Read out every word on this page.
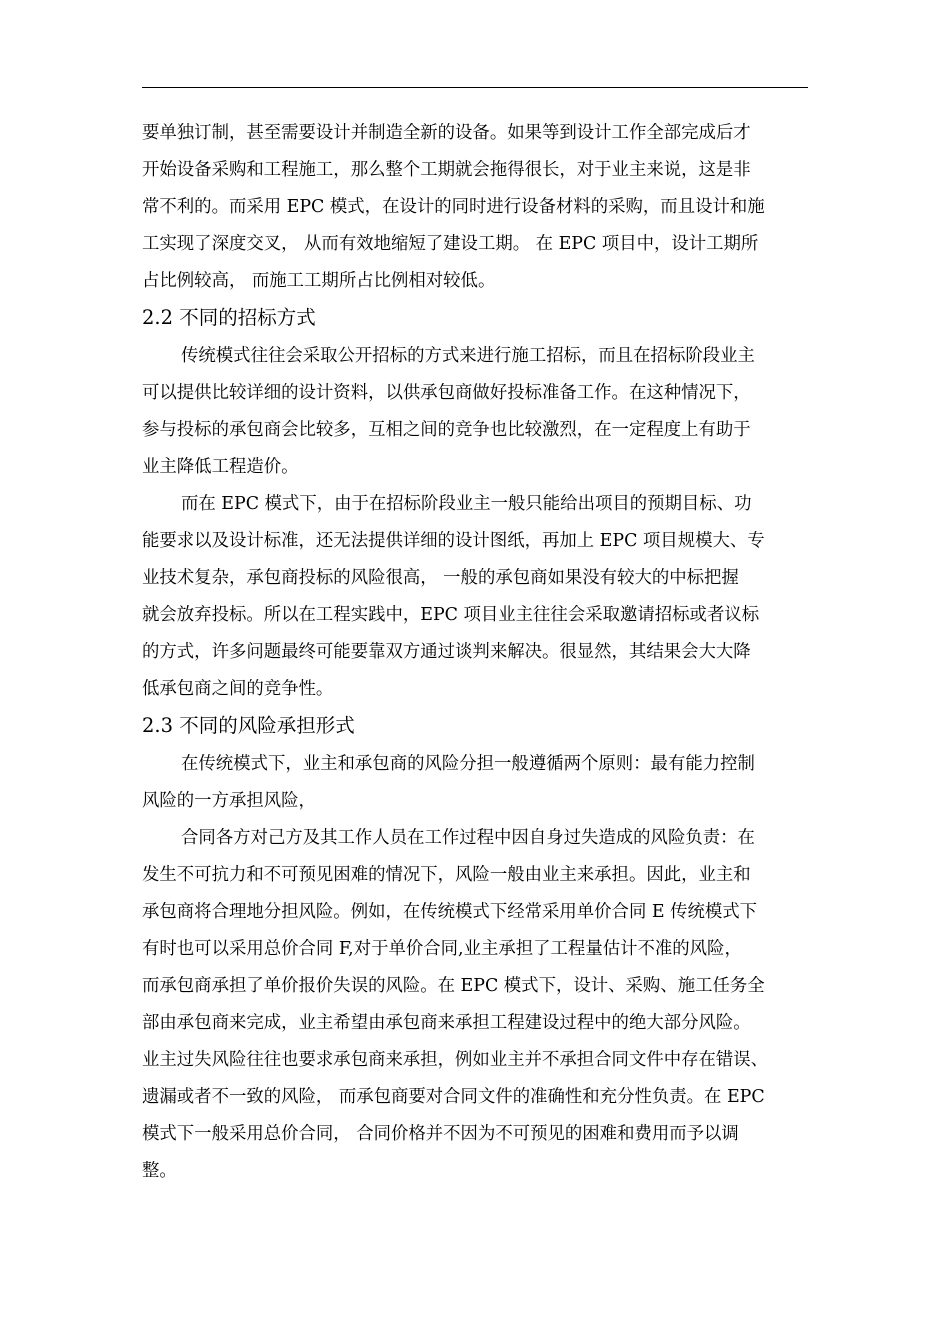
要单独订制，甚至需要设计并制造全新的设备。如果等到设计工作全部完成后才
开始设备采购和工程施工，那么整个工期就会拖得很长，对于业主来说，这是非
常不利的。而采用 EPC 模式，在设计的同时进行设备材料的采购，而且设计和施
工实现了深度交叉， 从而有效地缩短了建设工期。 在 EPC 项目中，设计工期所
占比例较高， 而施工工期所占比例相对较低。
2.2 不同的招标方式
传统模式往往会采取公开招标的方式来进行施工招标，而且在招标阶段业主
可以提供比较详细的设计资料，以供承包商做好投标准备工作。在这种情况下，
参与投标的承包商会比较多，互相之间的竞争也比较激烈，在一定程度上有助于
业主降低工程造价。
而在 EPC 模式下，由于在招标阶段业主一般只能给出项目的预期目标、功
能要求以及设计标准，还无法提供详细的设计图纸，再加上 EPC 项目规模大、专
业技术复杂，承包商投标的风险很高， 一般的承包商如果没有较大的中标把握
就会放弃投标。所以在工程实践中，EPC 项目业主往往会采取邀请招标或者议标
的方式，许多问题最终可能要靠双方通过谈判来解决。很显然，其结果会大大降
低承包商之间的竞争性。
2.3 不同的风险承担形式
在传统模式下，业主和承包商的风险分担一般遵循两个原则：最有能力控制
风险的一方承担风险，
合同各方对己方及其工作人员在工作过程中因自身过失造成的风险负责：在
发生不可抗力和不可预见困难的情况下，风险一般由业主来承担。因此，业主和
承包商将合理地分担风险。例如，在传统模式下经常采用单价合同 E 传统模式下
有时也可以采用总价合同 F,对于单价合同,业主承担了工程量估计不准的风险，
而承包商承担了单价报价失误的风险。在 EPC 模式下，设计、采购、施工任务全
部由承包商来完成，业主希望由承包商来承担工程建设过程中的绝大部分风险。
业主过失风险往往也要求承包商来承担，例如业主并不承担合同文件中存在错误、
遗漏或者不一致的风险， 而承包商要对合同文件的准确性和充分性负责。在 EPC
模式下一般采用总价合同， 合同价格并不因为不可预见的困难和费用而予以调
整。
